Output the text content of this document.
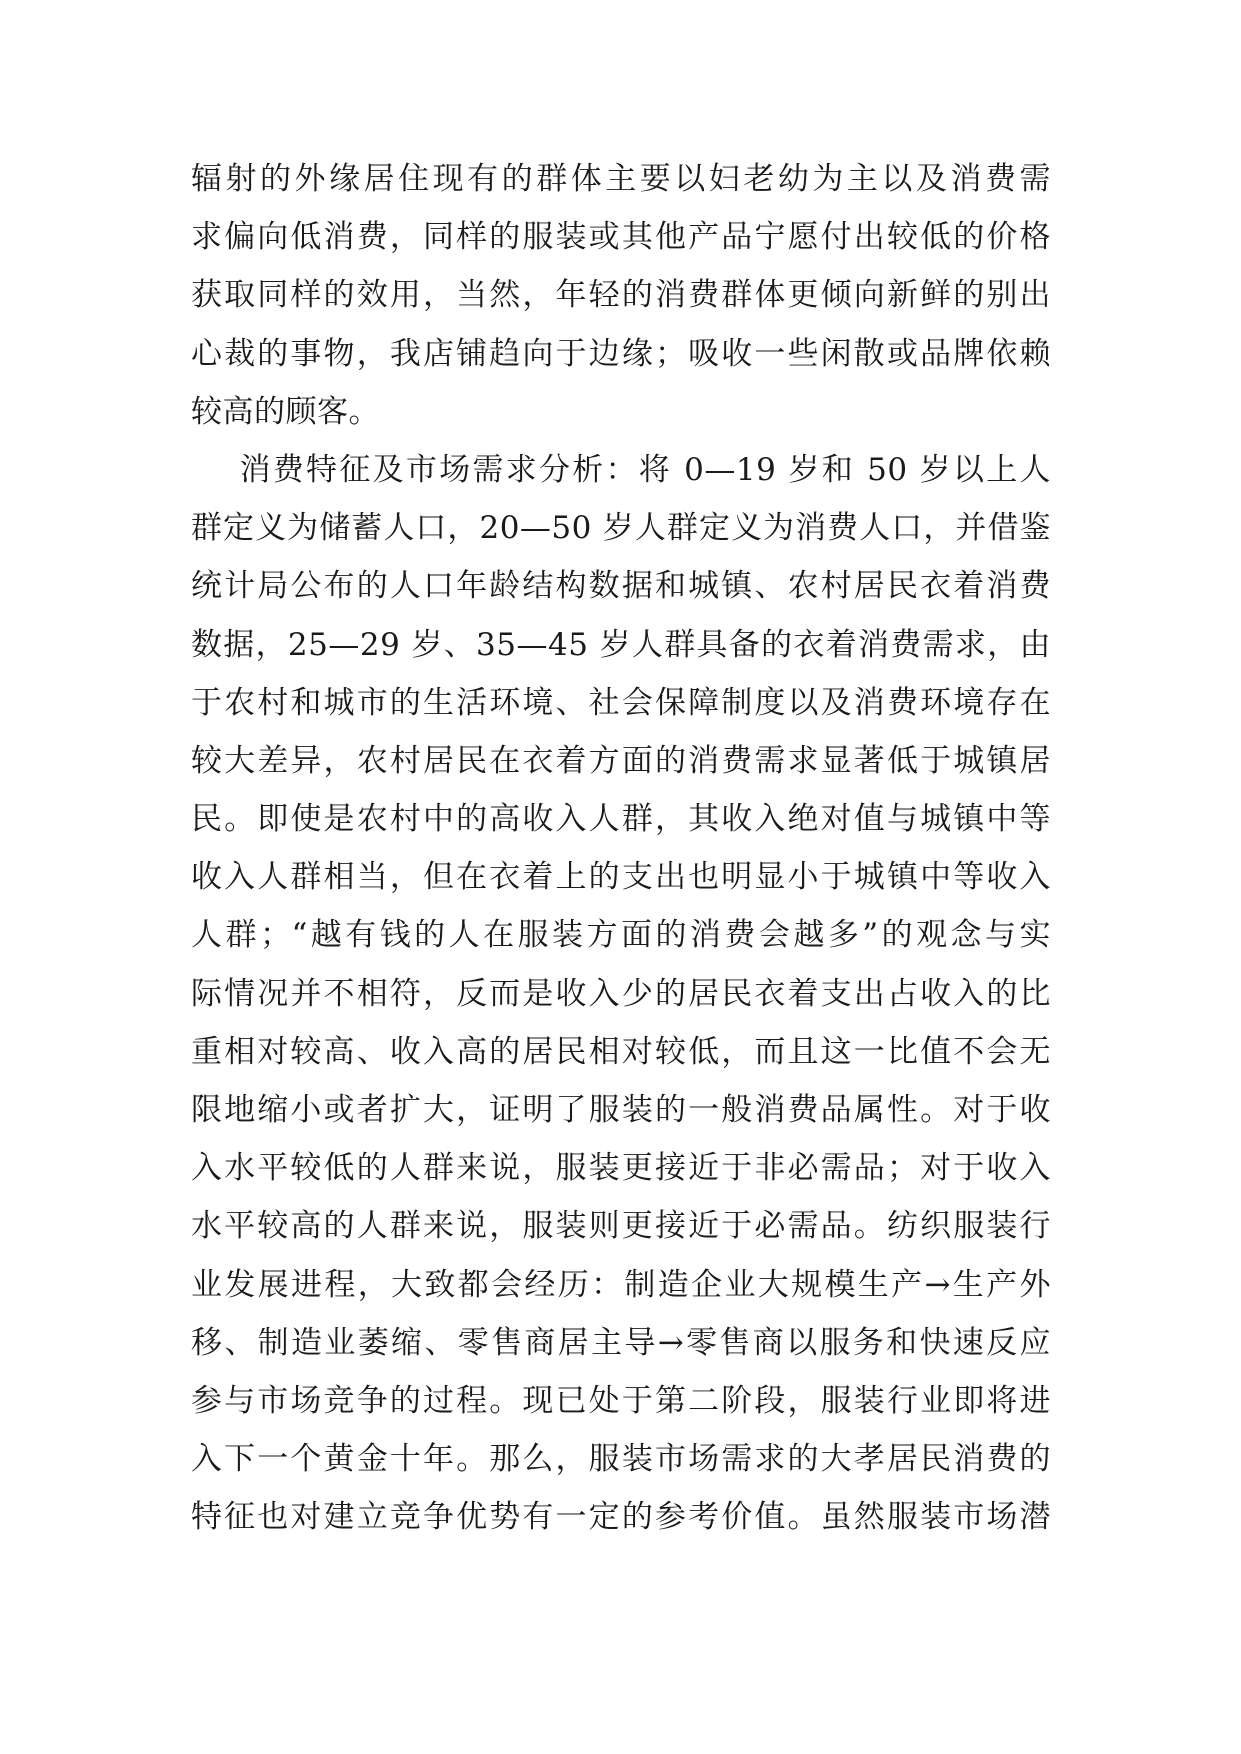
辐射的外缘居住现有的群体主要以妇老幼为主以及消费需
求偏向低消费，同样的服装或其他产品宁愿付出较低的价格
获取同样的效用，当然，年轻的消费群体更倾向新鲜的别出
心裁的事物，我店铺趋向于边缘；吸收一些闲散或品牌依赖
较高的顾客。
消费特征及市场需求分析：将 0—19 岁和 50 岁以上人
群定义为储蓄人口，20—50 岁人群定义为消费人口，并借鉴
统计局公布的人口年龄结构数据和城镇、农村居民衣着消费
数据，25—29 岁、35—45 岁人群具备的衣着消费需求，由
于农村和城市的生活环境、社会保障制度以及消费环境存在
较大差异，农村居民在衣着方面的消费需求显著低于城镇居
民。即使是农村中的高收入人群，其收入绝对值与城镇中等
收入人群相当，但在衣着上的支出也明显小于城镇中等收入
人群；“越有钱的人在服装方面的消费会越多”的观念与实
际情况并不相符，反而是收入少的居民衣着支出占收入的比
重相对较高、收入高的居民相对较低，而且这一比值不会无
限地缩小或者扩大，证明了服装的一般消费品属性。对于收
入水平较低的人群来说，服装更接近于非必需品；对于收入
水平较高的人群来说，服装则更接近于必需品。纺织服装行
业发展进程，大致都会经历：制造企业大规模生产→生产外
移、制造业萎缩、零售商居主导→零售商以服务和快速反应
参与市场竞争的过程。现已处于第二阶段，服装行业即将进
入下一个黄金十年。那么，服装市场需求的大孝居民消费的
特征也对建立竞争优势有一定的参考价值。虽然服装市场潜
